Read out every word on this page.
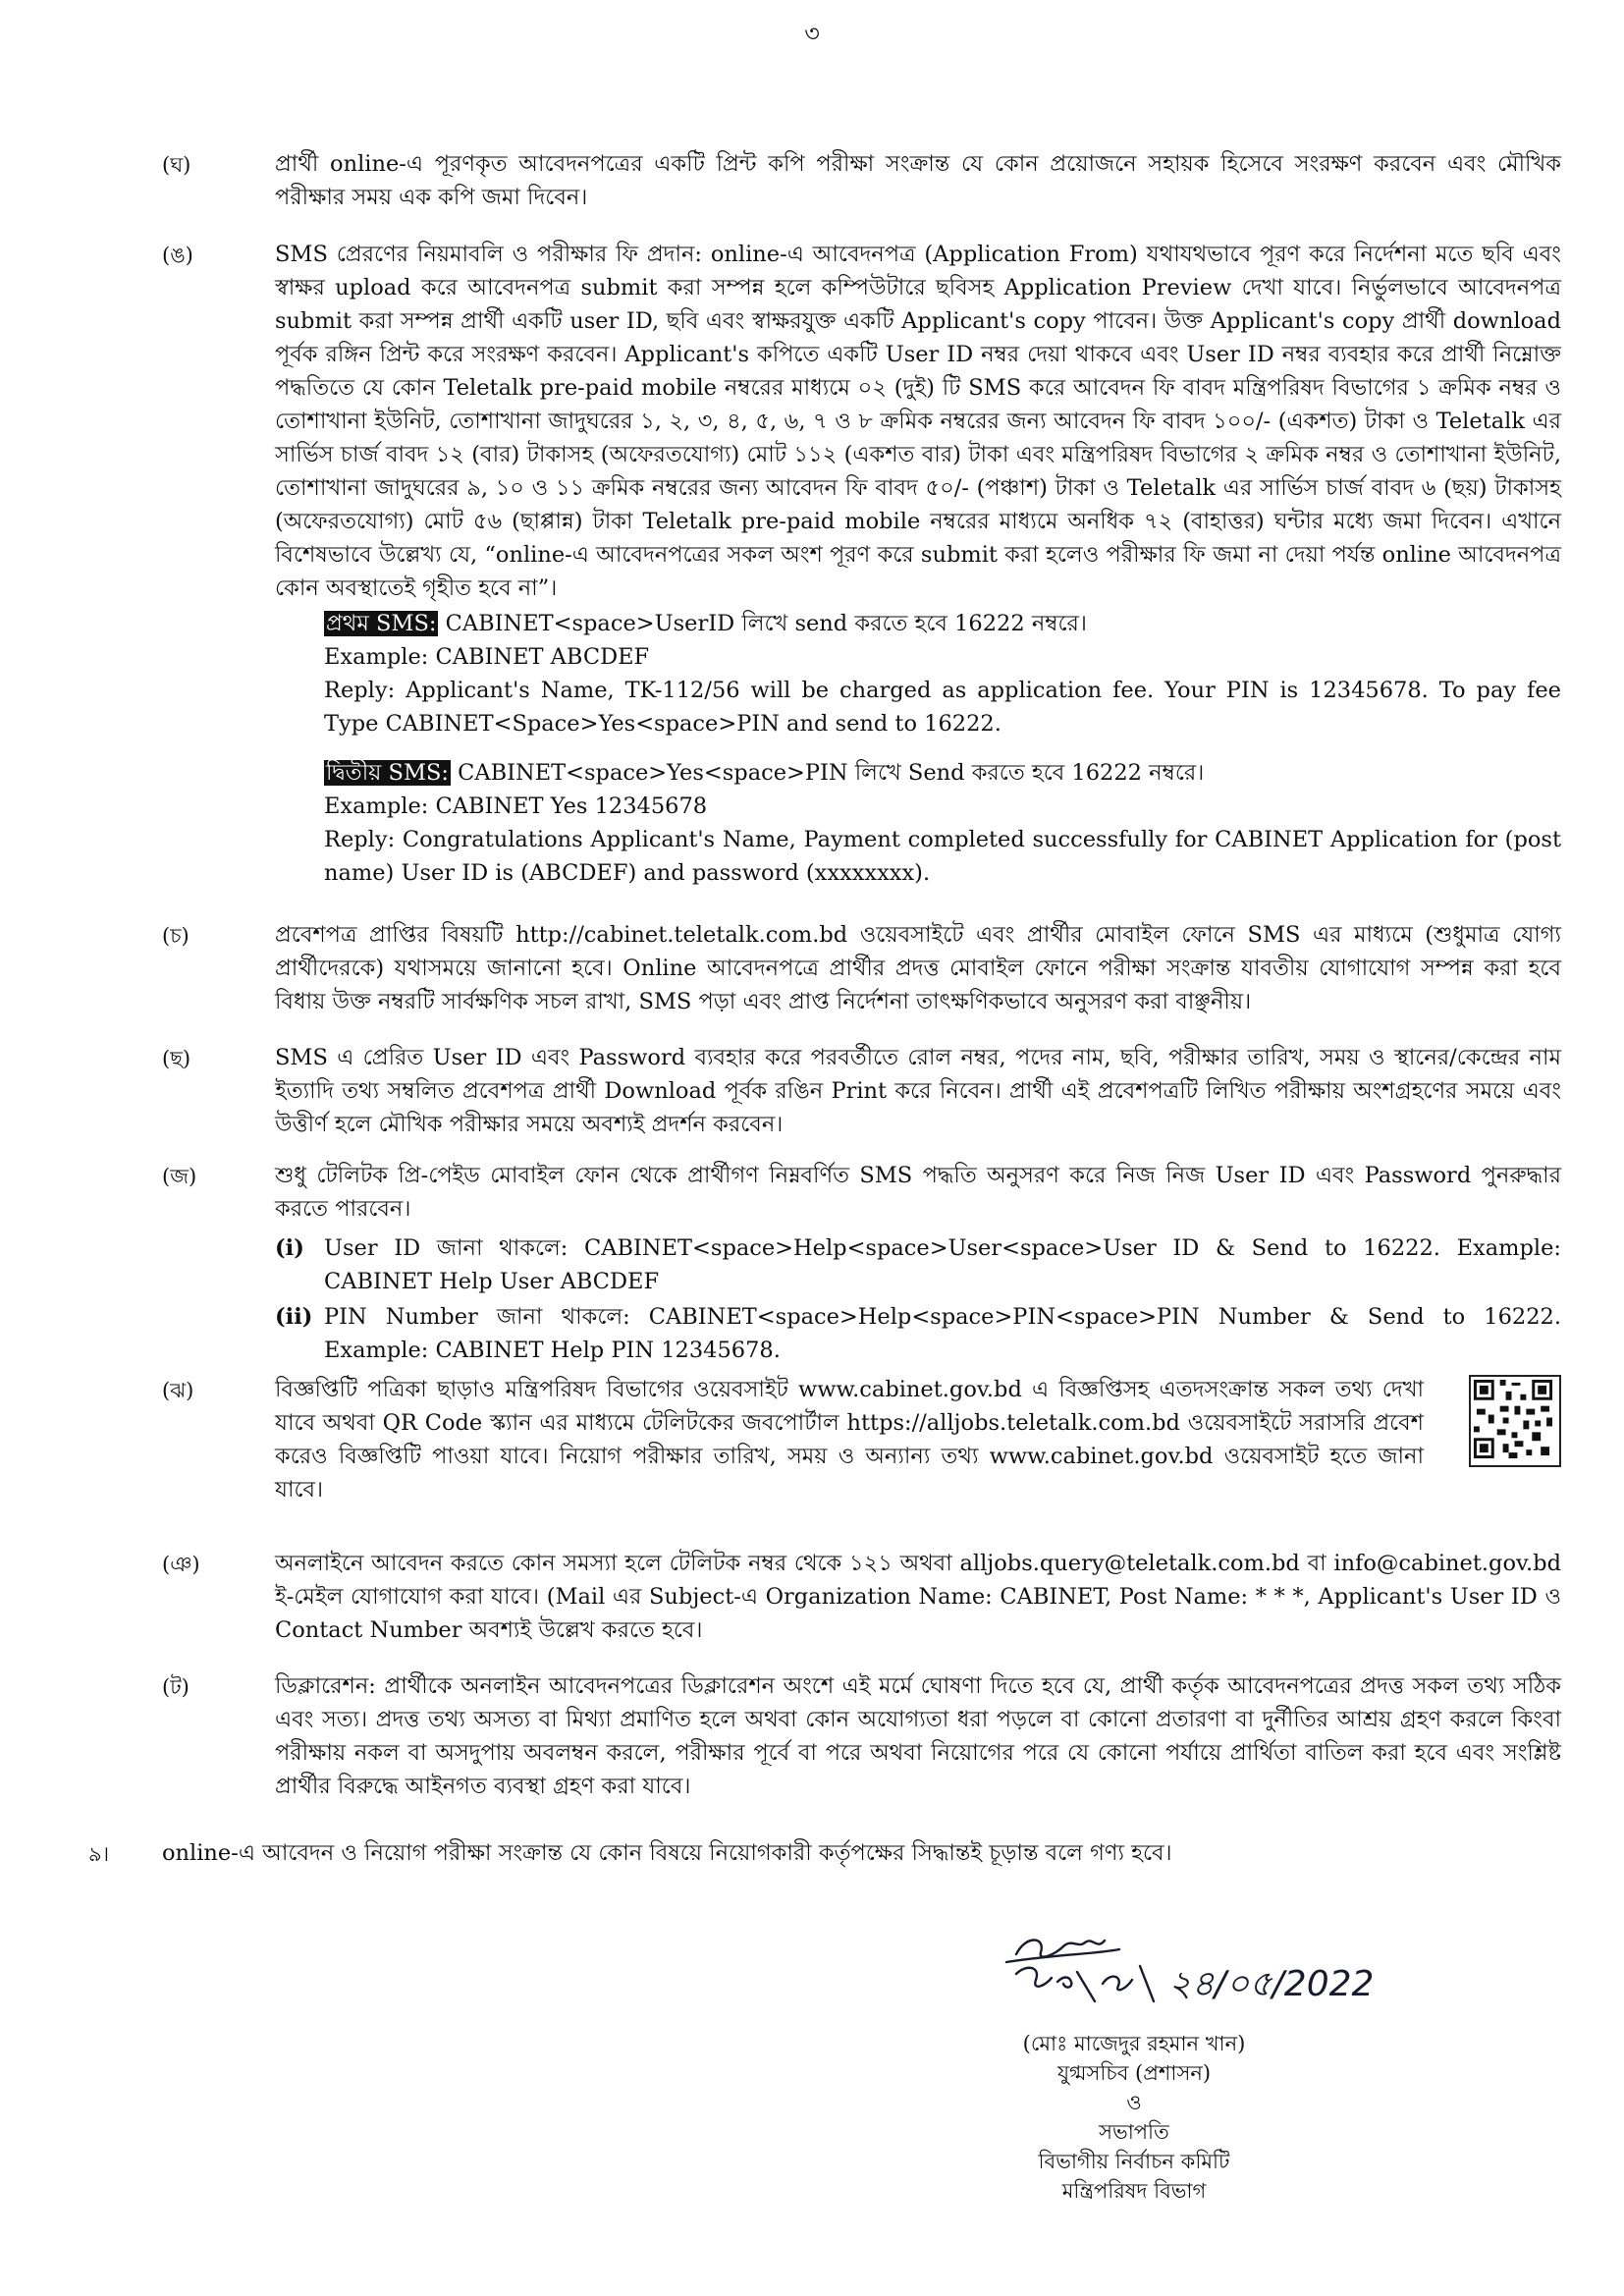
৩
(ঘ)	প্রার্থী online-এ পূরণকৃত আবেদনপত্রের একটি প্রিন্ট কপি পরীক্ষা সংক্রান্ত যে কোন প্রয়োজনে সহায়ক হিসেবে সংরক্ষণ করবেন এবং মৌখিক পরীক্ষার সময় এক কপি জমা দিবেন।

(ঙ)	SMS প্রেরণের নিয়মাবলি ও পরীক্ষার ফি প্রদান: online-এ আবেদনপত্র (Application From) যথাযথভাবে পূরণ করে নির্দেশনা মতে ছবি এবং স্বাক্ষর upload করে আবেদনপত্র submit করা সম্পন্ন হলে কম্পিউটারে ছবিসহ Application Preview দেখা যাবে। নির্ভুলভাবে আবেদনপত্র submit করা সম্পন্ন প্রার্থী একটি user ID, ছবি এবং স্বাক্ষরযুক্ত একটি Applicant's copy পাবেন। উক্ত Applicant's copy প্রার্থী download পূর্বক রঙ্গিন প্রিন্ট করে সংরক্ষণ করবেন। Applicant's কপিতে একটি User ID নম্বর দেয়া থাকবে এবং User ID নম্বর ব্যবহার করে প্রার্থী নিম্নোক্ত পদ্ধতিতে যে কোন Teletalk pre-paid mobile নম্বরের মাধ্যমে ০২ (দুই) টি SMS করে আবেদন ফি বাবদ মন্ত্রিপরিষদ বিভাগের ১ ক্রমিক নম্বর ও তোশাখানা ইউনিট, তোশাখানা জাদুঘরের ১, ২, ৩, ৪, ৫, ৬, ৭ ও ৮ ক্রমিক নম্বরের জন্য আবেদন ফি বাবদ ১০০/- (একশত) টাকা ও Teletalk এর সার্ভিস চার্জ বাবদ ১২ (বার) টাকাসহ (অফেরতযোগ্য) মোট ১১২ (একশত বার) টাকা এবং মন্ত্রিপরিষদ বিভাগের ২ ক্রমিক নম্বর ও তোশাখানা ইউনিট, তোশাখানা জাদুঘরের ৯, ১০ ও ১১ ক্রমিক নম্বরের জন্য আবেদন ফি বাবদ ৫০/- (পঞ্চাশ) টাকা ও Teletalk এর সার্ভিস চার্জ বাবদ ৬ (ছয়) টাকাসহ (অফেরতযোগ্য) মোট ৫৬ (ছাপ্পান্ন) টাকা Teletalk pre-paid mobile নম্বরের মাধ্যমে অনধিক ৭২ (বাহাত্তর) ঘন্টার মধ্যে জমা দিবেন। এখানে বিশেষভাবে উল্লেখ্য যে, “online-এ আবেদনপত্রের সকল অংশ পূরণ করে submit করা হলেও পরীক্ষার ফি জমা না দেয়া পর্যন্ত online আবেদনপত্র কোন অবস্থাতেই গৃহীত হবে না”।

প্রথম SMS: CABINET<space>UserID লিখে send করতে হবে 16222 নম্বরে।

Example: CABINET ABCDEF

Reply: Applicant's Name, TK-112/56 will be charged as application fee. Your PIN is 12345678. To pay fee Type CABINET<Space>Yes<space>PIN and send to 16222.

দ্বিতীয় SMS: CABINET<space>Yes<space>PIN লিখে Send করতে হবে 16222 নম্বরে।

Example: CABINET Yes 12345678

Reply: Congratulations Applicant's Name, Payment completed successfully for CABINET Application for (post name) User ID is (ABCDEF) and password (xxxxxxxx).

(চ)	প্রবেশপত্র প্রাপ্তির বিষয়টি http://cabinet.teletalk.com.bd ওয়েবসাইটে এবং প্রার্থীর মোবাইল ফোনে SMS এর মাধ্যমে (শুধুমাত্র যোগ্য প্রার্থীদেরকে) যথাসময়ে জানানো হবে। Online আবেদনপত্রে প্রার্থীর প্রদত্ত মোবাইল ফোনে পরীক্ষা সংক্রান্ত যাবতীয় যোগাযোগ সম্পন্ন করা হবে বিধায় উক্ত নম্বরটি সার্বক্ষণিক সচল রাখা, SMS পড়া এবং প্রাপ্ত নির্দেশনা তাৎক্ষণিকভাবে অনুসরণ করা বাঞ্ছনীয়।

(ছ)	SMS এ প্রেরিত User ID এবং Password ব্যবহার করে পরবর্তীতে রোল নম্বর, পদের নাম, ছবি, পরীক্ষার তারিখ, সময় ও স্থানের/কেন্দ্রের নাম ইত্যাদি তথ্য সম্বলিত প্রবেশপত্র প্রার্থী Download পূর্বক রঙিন Print করে নিবেন। প্রার্থী এই প্রবেশপত্রটি লিখিত পরীক্ষায় অংশগ্রহণের সময়ে এবং উত্তীর্ণ হলে মৌখিক পরীক্ষার সময়ে অবশ্যই প্রদর্শন করবেন।

(জ)	শুধু টেলিটক প্রি-পেইড মোবাইল ফোন থেকে প্রার্থীগণ নিম্নবর্ণিত SMS পদ্ধতি অনুসরণ করে নিজ নিজ User ID এবং Password পুনরুদ্ধার করতে পারবেন।

(i) User ID জানা থাকলে: CABINET<space>Help<space>User<space>User ID & Send to 16222. Example: CABINET Help User ABCDEF
(ii) PIN Number জানা থাকলে: CABINET<space>Help<space>PIN<space>PIN Number & Send to 16222. Example: CABINET Help PIN 12345678.
(ঝ)	বিজ্ঞপ্তিটি পত্রিকা ছাড়াও মন্ত্রিপরিষদ বিভাগের ওয়েবসাইট www.cabinet.gov.bd এ বিজ্ঞপ্তিসহ এতদসংক্রান্ত সকল তথ্য দেখা যাবে অথবা QR Code স্ক্যান এর মাধ্যমে টেলিটকের জবপোর্টাল https://alljobs.teletalk.com.bd ওয়েবসাইটে সরাসরি প্রবেশ করেও বিজ্ঞপ্তিটি পাওয়া যাবে। নিয়োগ পরীক্ষার তারিখ, সময় ও অন্যান্য তথ্য www.cabinet.gov.bd ওয়েবসাইট হতে জানা যাবে।

(ঞ)	অনলাইনে আবেদন করতে কোন সমস্যা হলে টেলিটক নম্বর থেকে ১২১ অথবা alljobs.query@teletalk.com.bd বা info@cabinet.gov.bd ই-মেইল যোগাযোগ করা যাবে। (Mail এর Subject-এ Organization Name: CABINET, Post Name: * * *, Applicant's User ID ও Contact Number অবশ্যই উল্লেখ করতে হবে।

(ট)	ডিক্লারেশন: প্রার্থীকে অনলাইন আবেদনপত্রের ডিক্লারেশন অংশে এই মর্মে ঘোষণা দিতে হবে যে, প্রার্থী কর্তৃক আবেদনপত্রের প্রদত্ত সকল তথ্য সঠিক এবং সত্য। প্রদত্ত তথ্য অসত্য বা মিথ্যা প্রমাণিত হলে অথবা কোন অযোগ্যতা ধরা পড়লে বা কোনো প্রতারণা বা দুর্নীতির আশ্রয় গ্রহণ করলে কিংবা পরীক্ষায় নকল বা অসদুপায় অবলম্বন করলে, পরীক্ষার পূর্বে বা পরে অথবা নিয়োগের পরে যে কোনো পর্যায়ে প্রার্থিতা বাতিল করা হবে এবং সংশ্লিষ্ট প্রার্থীর বিরুদ্ধে আইনগত ব্যবস্থা গ্রহণ করা যাবে।

৯।	online-এ আবেদন ও নিয়োগ পরীক্ষা সংক্রান্ত যে কোন বিষয়ে নিয়োগকারী কর্তৃপক্ষের সিদ্ধান্তই চূড়ান্ত বলে গণ্য হবে।

২৪/০৫/2022
(মোঃ মাজেদুর রহমান খান)
যুগ্মসচিব (প্রশাসন)
ও
সভাপতি
বিভাগীয় নির্বাচন কমিটি
মন্ত্রিপরিষদ বিভাগ
